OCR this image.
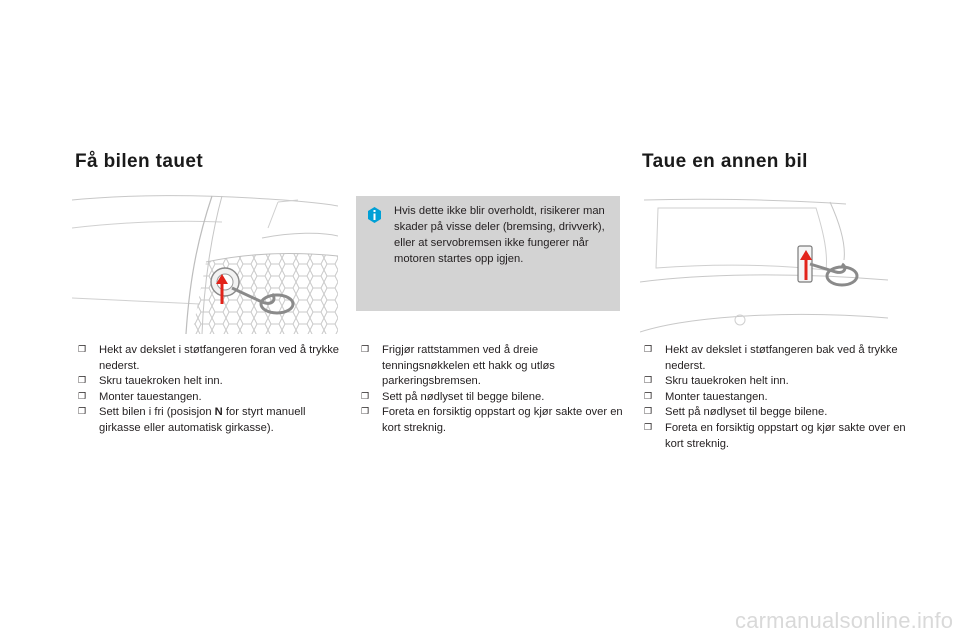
Få bilen tauet
Hvis dette ikke blir overholdt, risikerer man skader på visse deler (bremsing, drivverk), eller at servobremsen ikke fungerer når motoren startes opp igjen.
Taue en annen bil
❒ Hekt av dekslet i støtfangeren foran ved å trykke nederst.
❒ Skru tauekroken helt inn.
❒ Monter tauestangen.
❒ Sett bilen i fri (posisjon N for styrt manuell girkasse eller automatisk girkasse).
❒ Frigjør rattstammen ved å dreie tenningsnøkkelen ett hakk og utløs parkeringsbremsen.
❒ Sett på nødlyset til begge bilene.
❒ Foreta en forsiktig oppstart og kjør sakte over en kort streknig.
❒ Hekt av dekslet i støtfangeren bak ved å trykke nederst.
❒ Skru tauekroken helt inn.
❒ Monter tauestangen.
❒ Sett på nødlyset til begge bilene.
❒ Foreta en forsiktig oppstart og kjør sakte over en kort streknig.
carmanualsonline.info
